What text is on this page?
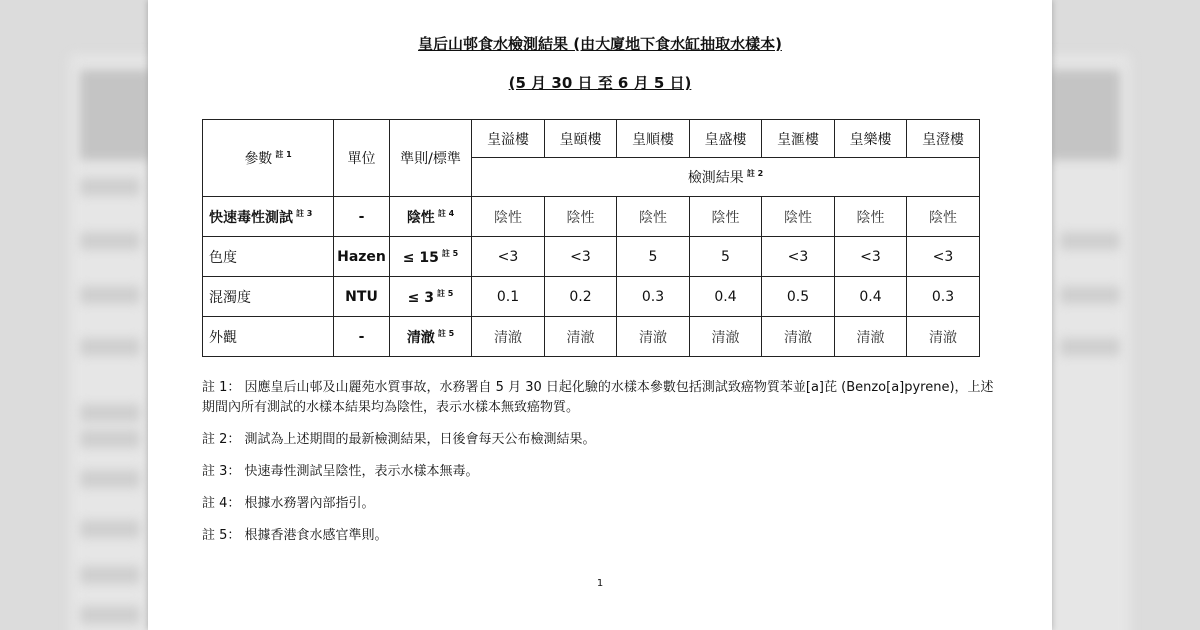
皇后山邨食水檢測結果 (由大廈地下食水缸抽取水樣本)
(5 月 30 日 至 6 月 5 日)
參數 $^{註 1}$	單位	準則/標準	皇溢樓	皇頤樓	皇順樓	皇盛樓	皇滙樓	皇樂樓	皇澄樓
			檢測結果 $^{註 2}$
快速毒性測試 $^{註 3}$	-	陰性 $^{註 4}$	陰性	陰性	陰性	陰性	陰性	陰性	陰性
色度	Hazen	≤ 15 $^{註 5}$	<3	<3	5	5	<3	<3	<3
混濁度	NTU	≤ 3 $^{註 5}$	0.1	0.2	0.3	0.4	0.5	0.4	0.3
外觀	-	清澈 $^{註 5}$	清澈	清澈	清澈	清澈	清澈	清澈	清澈

註 1： 因應皇后山邨及山麗苑水質事故，水務署自 5 月 30 日起化驗的水樣本參數包括測試致癌物質苯並[a]芘 (Benzo[a]pyrene)，上述期間內所有測試的水樣本結果均為陰性，表示水樣本無致癌物質。

註 2： 測試為上述期間的最新檢測結果，日後會每天公布檢測結果。

註 3： 快速毒性測試呈陰性，表示水樣本無毒。

註 4： 根據水務署內部指引。

註 5： 根據香港食水感官準則。

1
